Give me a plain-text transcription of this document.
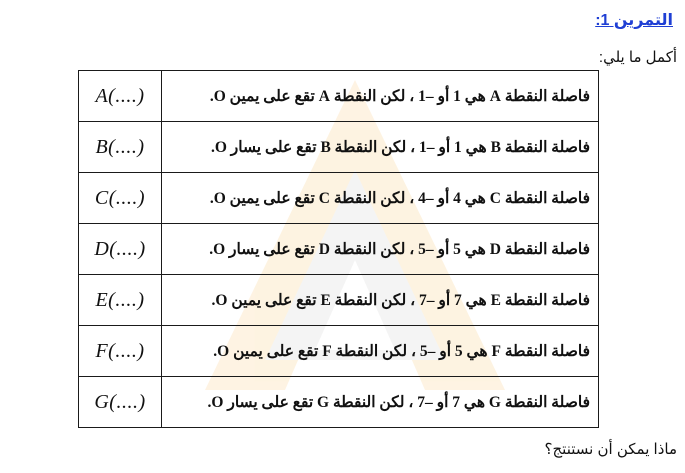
التمرين 1:
أكمل ما يلي:
A(....)	فاصلة النقطة A هي 1 أو –1 ، لكن النقطة A تقع على يمين O.
B(....)	فاصلة النقطة B هي 1 أو –1 ، لكن النقطة B تقع على يسار O.
C(....)	فاصلة النقطة C هي 4 أو –4 ، لكن النقطة C تقع على يمين O.
D(....)	فاصلة النقطة D هي 5 أو –5 ، لكن النقطة D تقع على يسار O.
E(....)	فاصلة النقطة E هي 7 أو –7 ، لكن النقطة E تقع على يمين O.
F(....)	فاصلة النقطة F هي 5 أو –5 ، لكن النقطة F تقع على يمين O.
G(....)	فاصلة النقطة G هي 7 أو –7 ، لكن النقطة G تقع على يسار O.
ماذا يمكن أن نستنتج؟
